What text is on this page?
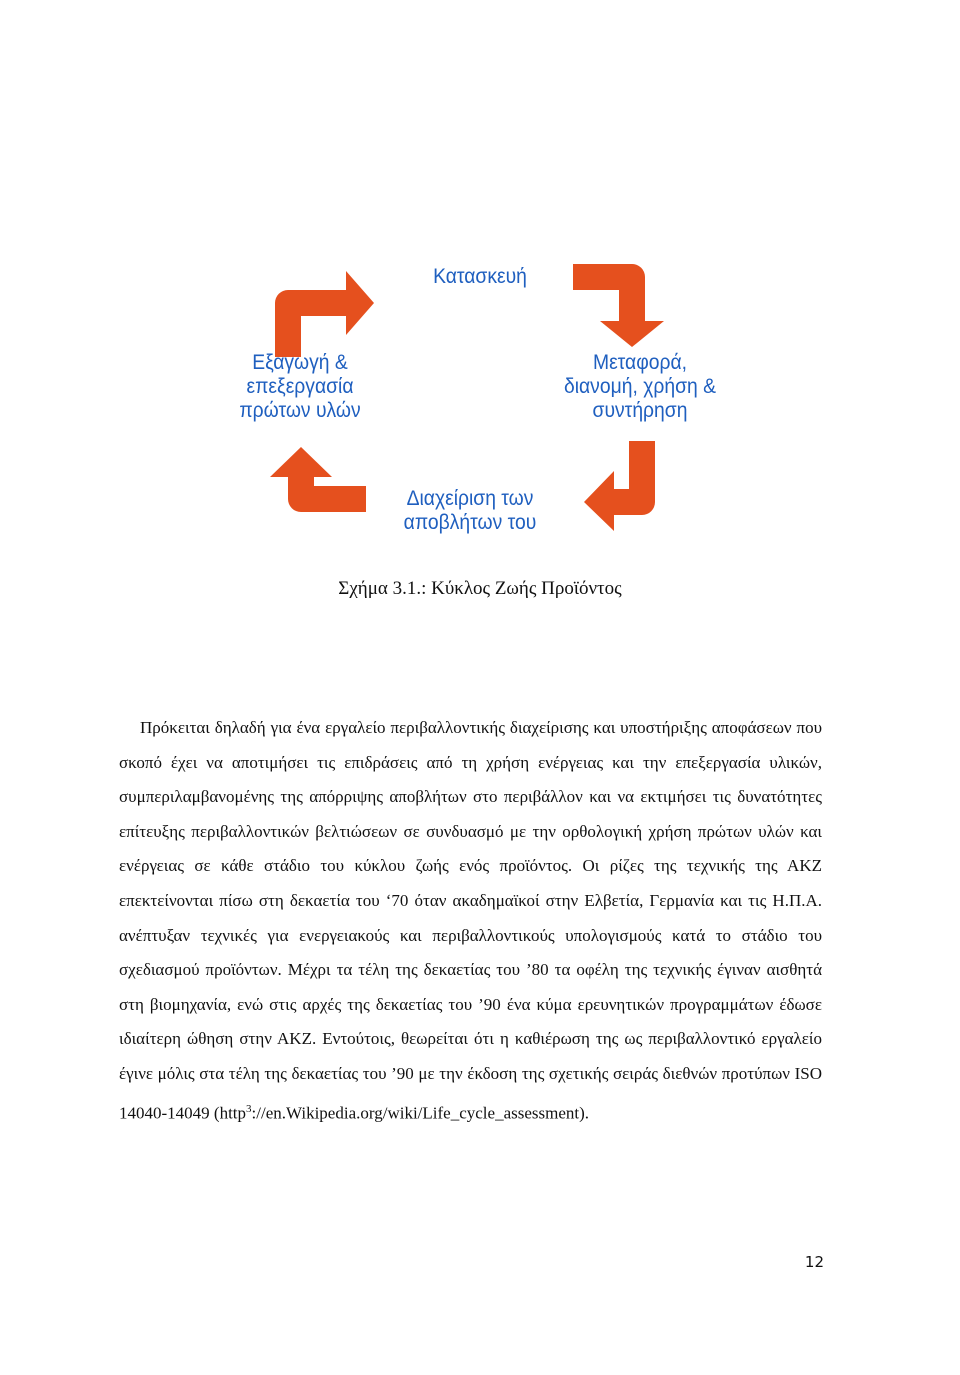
Κατασκευή
Εξαγωγή &
επεξεργασία
πρώτων υλών
Μεταφορά,
διανομή, χρήση &
συντήρηση
Διαχείριση των
αποβλήτων του
Σχήμα 3.1.: Κύκλος Ζωής Προϊόντος

Πρόκειται δηλαδή για ένα εργαλείο περιβαλλοντικής διαχείρισης και υποστήριξης αποφάσεων που σκοπό έχει να αποτιμήσει τις επιδράσεις από τη χρήση ενέργειας και την επεξεργασία υλικών, συμπεριλαμβανομένης της απόρριψης αποβλήτων στο περιβάλλον και να εκτιμήσει τις δυνατότητες επίτευξης περιβαλλοντικών βελτιώσεων σε συνδυασμό με την ορθολογική χρήση πρώτων υλών και ενέργειας σε κάθε στάδιο του κύκλου ζωής ενός προϊόντος. Οι ρίζες της τεχνικής της ΑΚΖ επεκτείνονται πίσω στη δεκαετία του ‘70 όταν ακαδημαϊκοί στην Ελβετία, Γερμανία και τις Η.Π.Α. ανέπτυξαν τεχνικές για ενεργειακούς και περιβαλλοντικούς υπολογισμούς κατά το στάδιο του σχεδιασμού προϊόντων. Μέχρι τα τέλη της δεκαετίας του ’80 τα οφέλη της τεχνικής έγιναν αισθητά στη βιομηχανία, ενώ στις αρχές της δεκαετίας του ’90 ένα κύμα ερευνητικών προγραμμάτων έδωσε ιδιαίτερη ώθηση στην ΑΚΖ. Εντούτοις, θεωρείται ότι η καθιέρωση της ως περιβαλλοντικό εργαλείο έγινε μόλις στα τέλη της δεκαετίας του ’90 με την έκδοση της σχετικής σειράς διεθνών προτύπων ISO 14040-14049 (http$^3$://en.Wikipedia.org/wiki/Life_cycle_assessment).

12
